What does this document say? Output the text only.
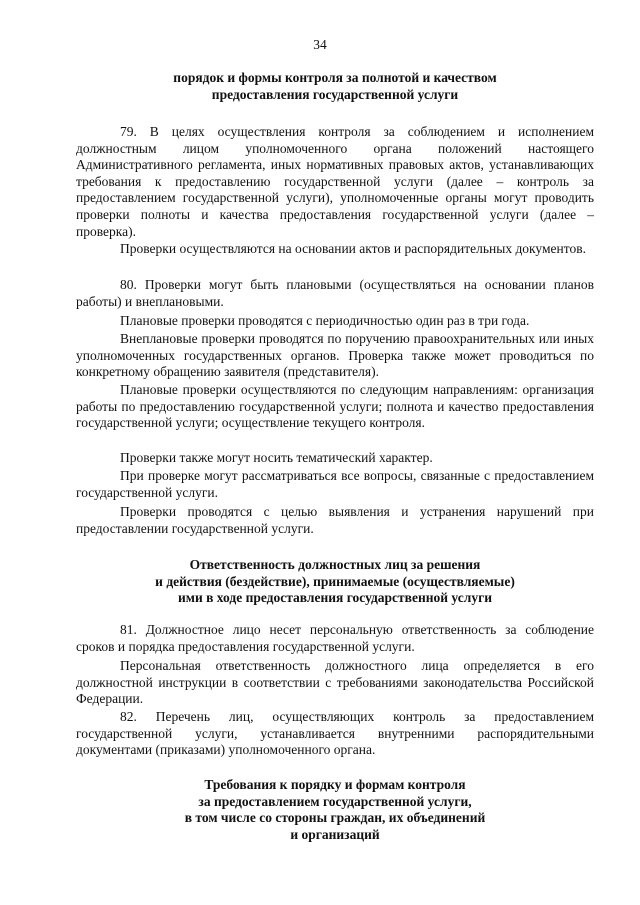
34
порядок и формы контроля за полнотой и качеством
предоставления государственной услуги

79. В целях осуществления контроля за соблюдением и исполнением должностным лицом уполномоченного органа положений настоящего Административного регламента, иных нормативных правовых актов, устанавливающих требования к предоставлению государственной услуги (далее – контроль за предоставлением государственной услуги), уполномоченные органы могут проводить проверки полноты и качества предоставления государственной услуги (далее – проверка).

Проверки осуществляются на основании актов и распорядительных документов.

80. Проверки могут быть плановыми (осуществляться на основании планов работы) и внеплановыми.

Плановые проверки проводятся с периодичностью один раз в три года.

Внеплановые проверки проводятся по поручению правоохранительных или иных уполномоченных государственных органов. Проверка также может проводиться по конкретному обращению заявителя (представителя).

Плановые проверки осуществляются по следующим направлениям: организация работы по предоставлению государственной услуги; полнота и качество предоставления государственной услуги; осуществление текущего контроля.

Проверки также могут носить тематический характер.

При проверке могут рассматриваться все вопросы, связанные с предоставлением государственной услуги.

Проверки проводятся с целью выявления и устранения нарушений при предоставлении государственной услуги.

Ответственность должностных лиц за решения
и действия (бездействие), принимаемые (осуществляемые)
ими в ходе предоставления государственной услуги

81. Должностное лицо несет персональную ответственность за соблюдение сроков и порядка предоставления государственной услуги.

Персональная ответственность должностного лица определяется в его должностной инструкции в соответствии с требованиями законодательства Российской Федерации.

82. Перечень лиц, осуществляющих контроль за предоставлением государственной услуги, устанавливается внутренними распорядительными документами (приказами) уполномоченного органа.

Требования к порядку и формам контроля
за предоставлением государственной услуги,
в том числе со стороны граждан, их объединений
и организаций
